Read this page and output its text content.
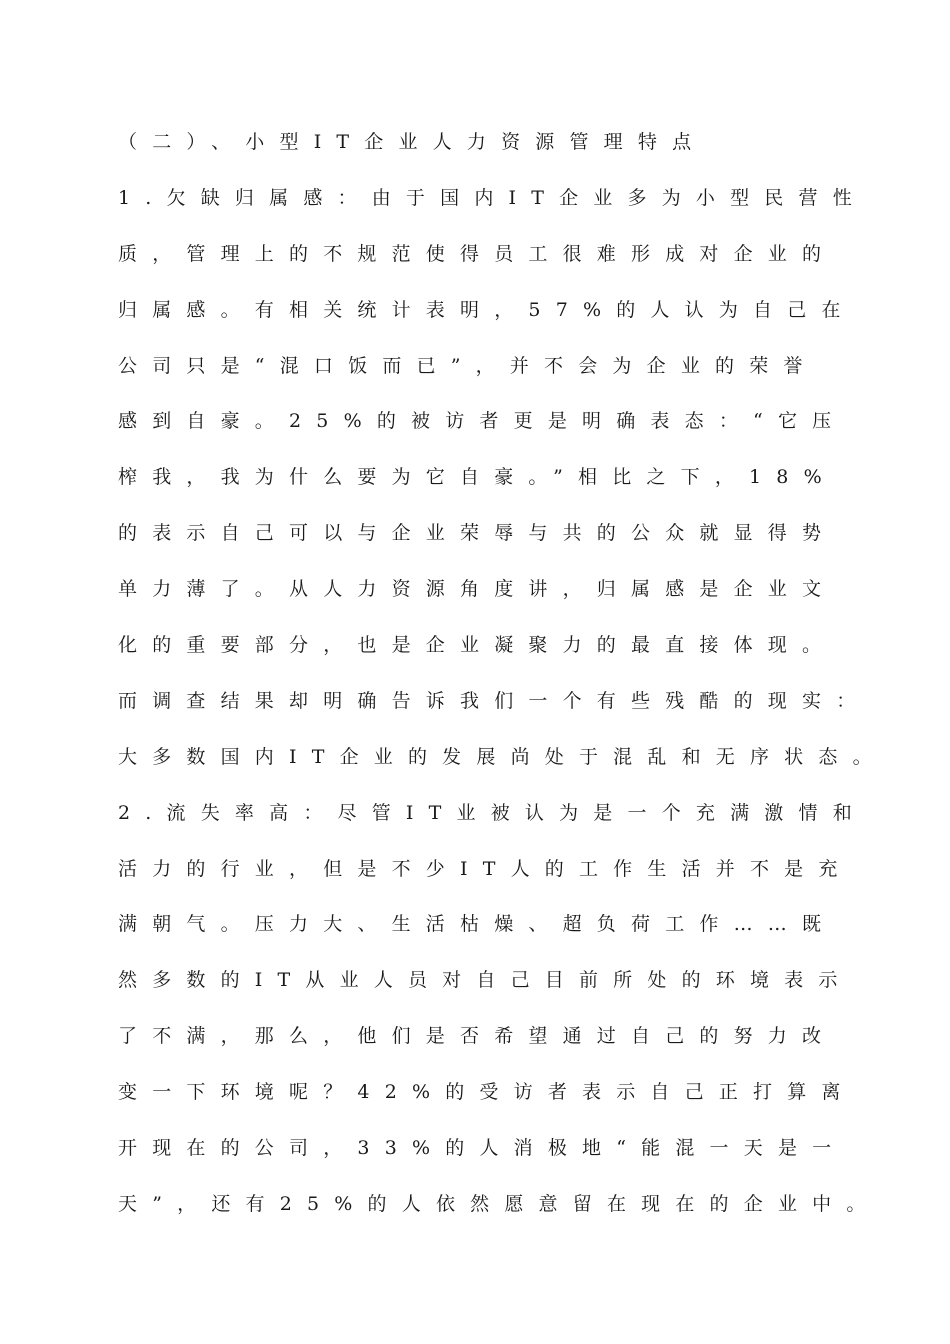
（二）、小型IT企业人力资源管理特点
1.欠缺归属感：由于国内IT企业多为小型民营性
质，管理上的不规范使得员工很难形成对企业的
归属感。有相关统计表明，57%的人认为自己在
公司只是“混口饭而已”，并不会为企业的荣誉
感到自豪。25%的被访者更是明确表态：“它压
榨我，我为什么要为它自豪。”相比之下，18%
的表示自己可以与企业荣辱与共的公众就显得势
单力薄了。从人力资源角度讲，归属感是企业文
化的重要部分，也是企业凝聚力的最直接体现。
而调查结果却明确告诉我们一个有些残酷的现实：
大多数国内IT企业的发展尚处于混乱和无序状态。
2.流失率高：尽管IT业被认为是一个充满激情和
活力的行业，但是不少IT人的工作生活并不是充
满朝气。压力大、生活枯燥、超负荷工作……既
然多数的IT从业人员对自己目前所处的环境表示
了不满，那么，他们是否希望通过自己的努力改
变一下环境呢？42%的受访者表示自己正打算离
开现在的公司，33%的人消极地“能混一天是一
天”，还有25%的人依然愿意留在现在的企业中。
